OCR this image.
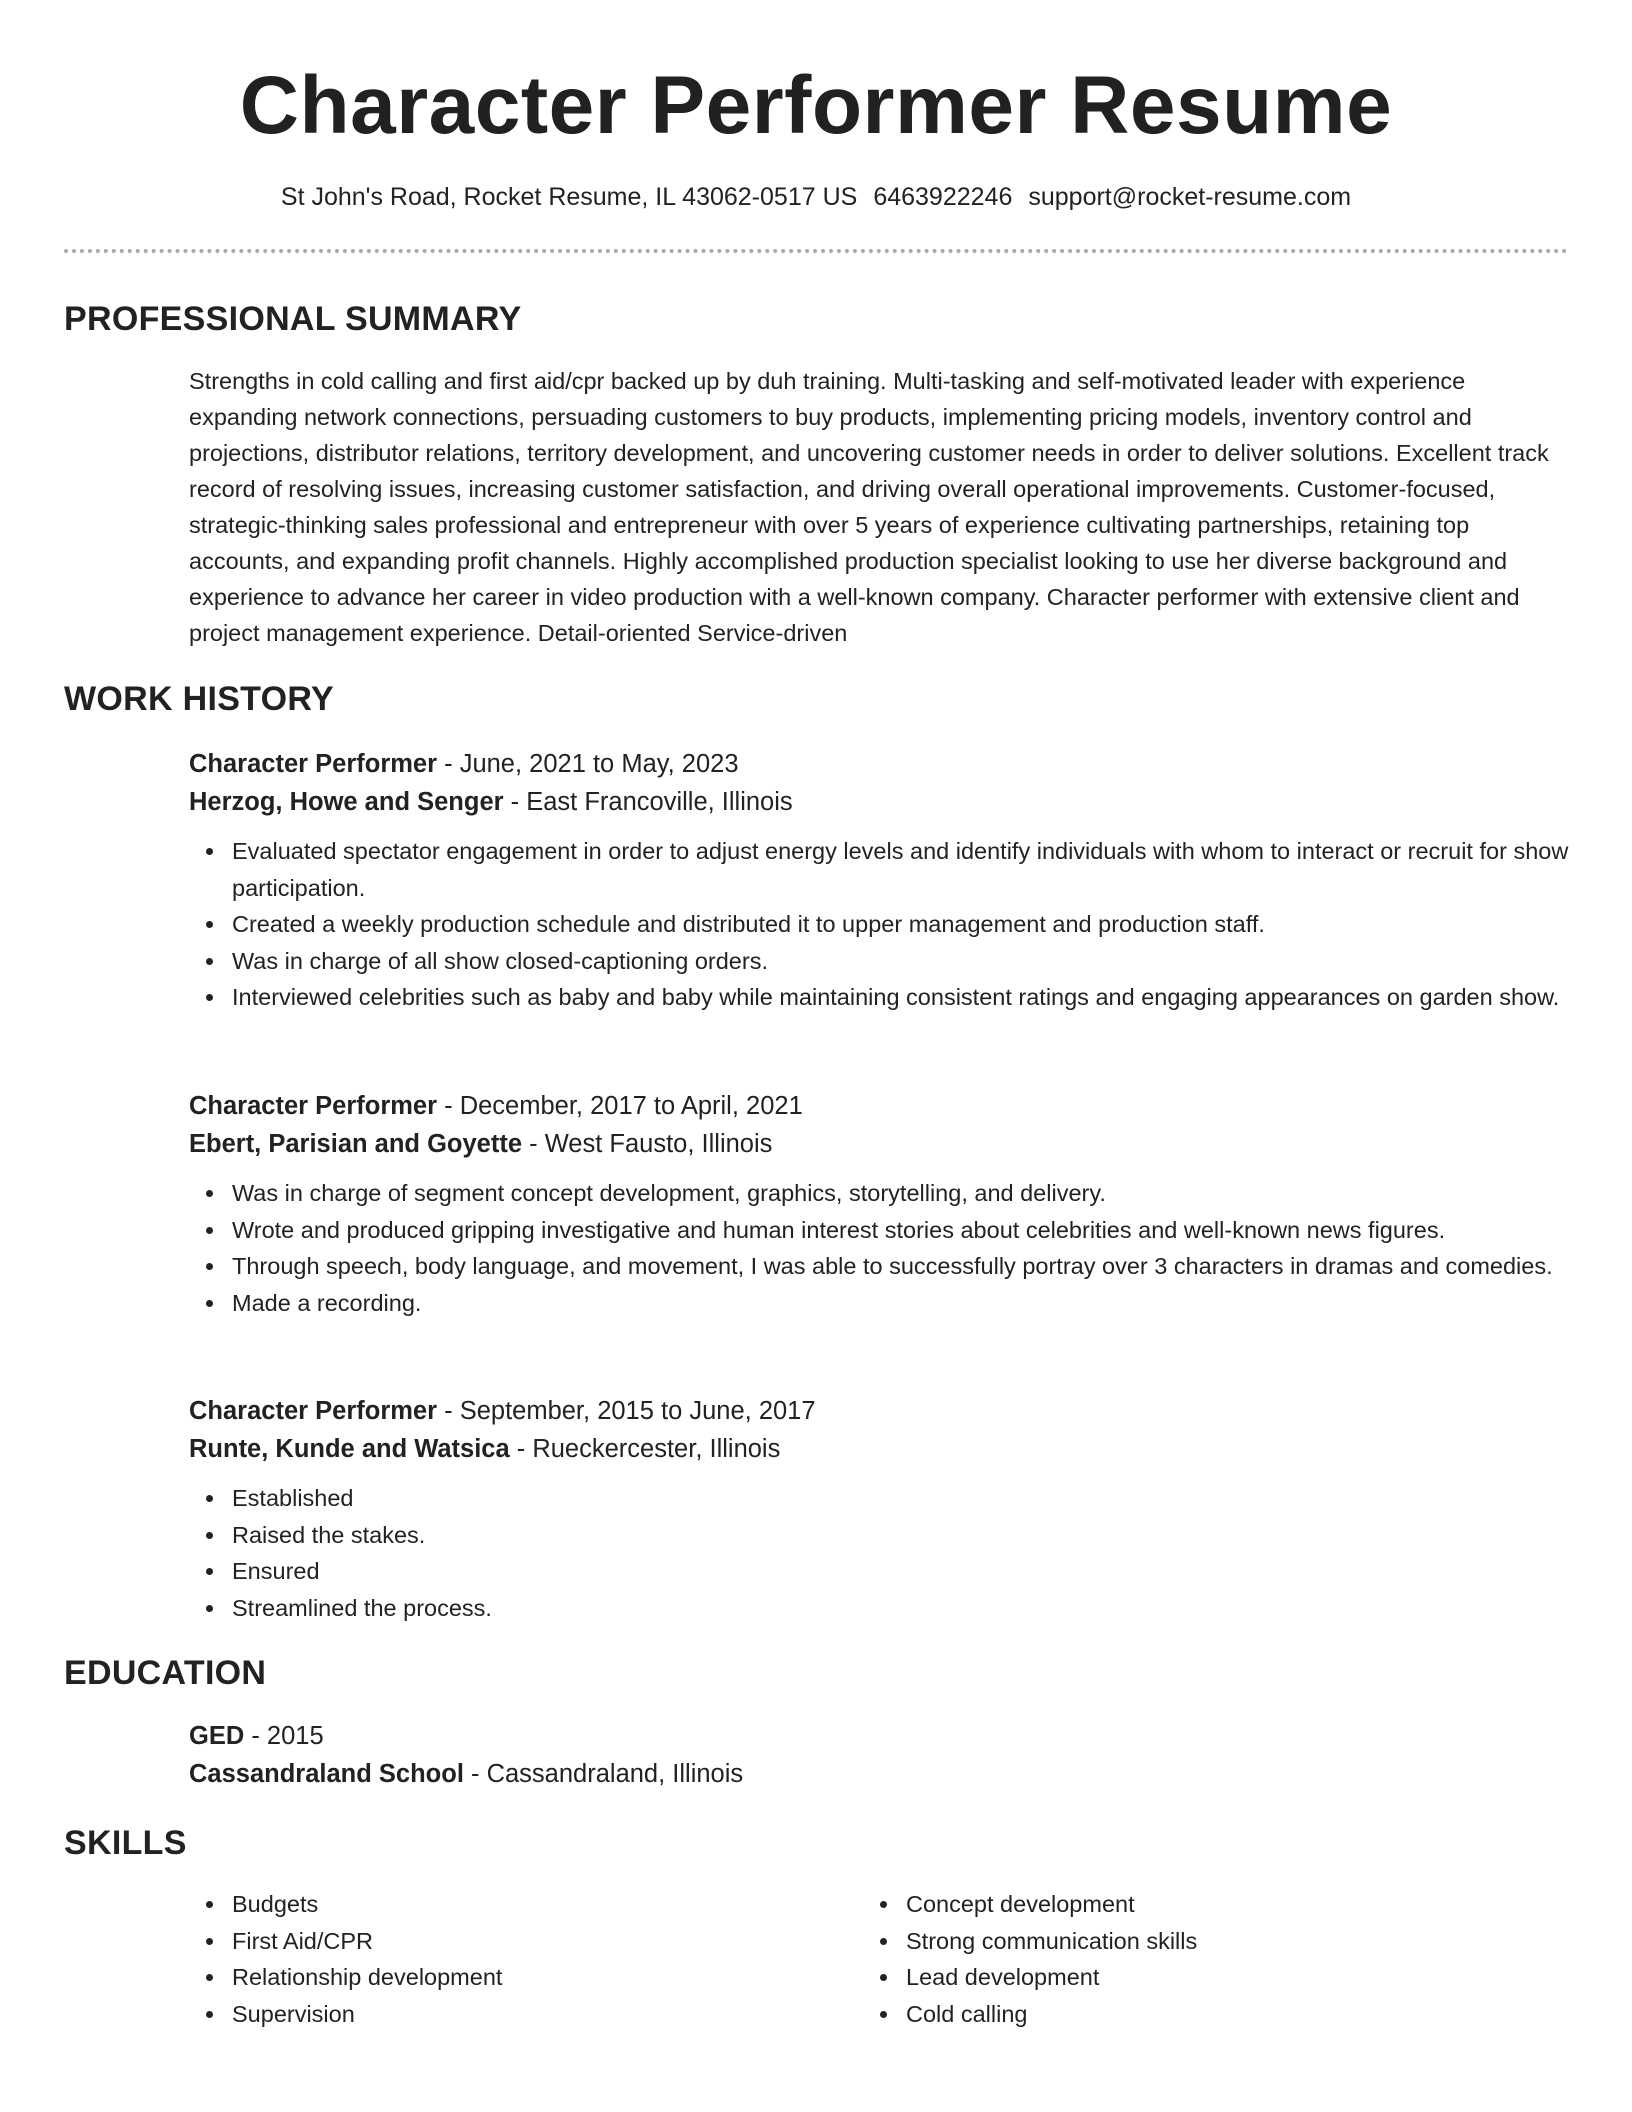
Character Performer Resume
St John's Road, Rocket Resume, IL 43062-0517 US 6463922246 support@rocket-resume.com
PROFESSIONAL SUMMARY

Strengths in cold calling and first aid/cpr backed up by duh training. Multi-tasking and self-motivated leader with experience expanding network connections, persuading customers to buy products, implementing pricing models, inventory control and projections, distributor relations, territory development, and uncovering customer needs in order to deliver solutions. Excellent track record of resolving issues, increasing customer satisfaction, and driving overall operational improvements. Customer-focused, strategic-thinking sales professional and entrepreneur with over 5 years of experience cultivating partnerships, retaining top accounts, and expanding profit channels. Highly accomplished production specialist looking to use her diverse background and experience to advance her career in video production with a well-known company. Character performer with extensive client and project management experience. Detail-oriented Service-driven

WORK HISTORY
Character Performer - June, 2021 to May, 2023
Herzog, Howe and Senger - East Francoville, Illinois
Evaluated spectator engagement in order to adjust energy levels and identify individuals with whom to interact or recruit for show participation.
Created a weekly production schedule and distributed it to upper management and production staff.
Was in charge of all show closed-captioning orders.
Interviewed celebrities such as baby and baby while maintaining consistent ratings and engaging appearances on garden show.
Character Performer - December, 2017 to April, 2021
Ebert, Parisian and Goyette - West Fausto, Illinois
Was in charge of segment concept development, graphics, storytelling, and delivery.
Wrote and produced gripping investigative and human interest stories about celebrities and well-known news figures.
Through speech, body language, and movement, I was able to successfully portray over 3 characters in dramas and comedies.
Made a recording.
Character Performer - September, 2015 to June, 2017
Runte, Kunde and Watsica - Rueckercester, Illinois
Established
Raised the stakes.
Ensured
Streamlined the process.
EDUCATION
GED - 2015
Cassandraland School - Cassandraland, Illinois
SKILLS
Budgets
First Aid/CPR
Relationship development
Supervision
Concept development
Strong communication skills
Lead development
Cold calling
